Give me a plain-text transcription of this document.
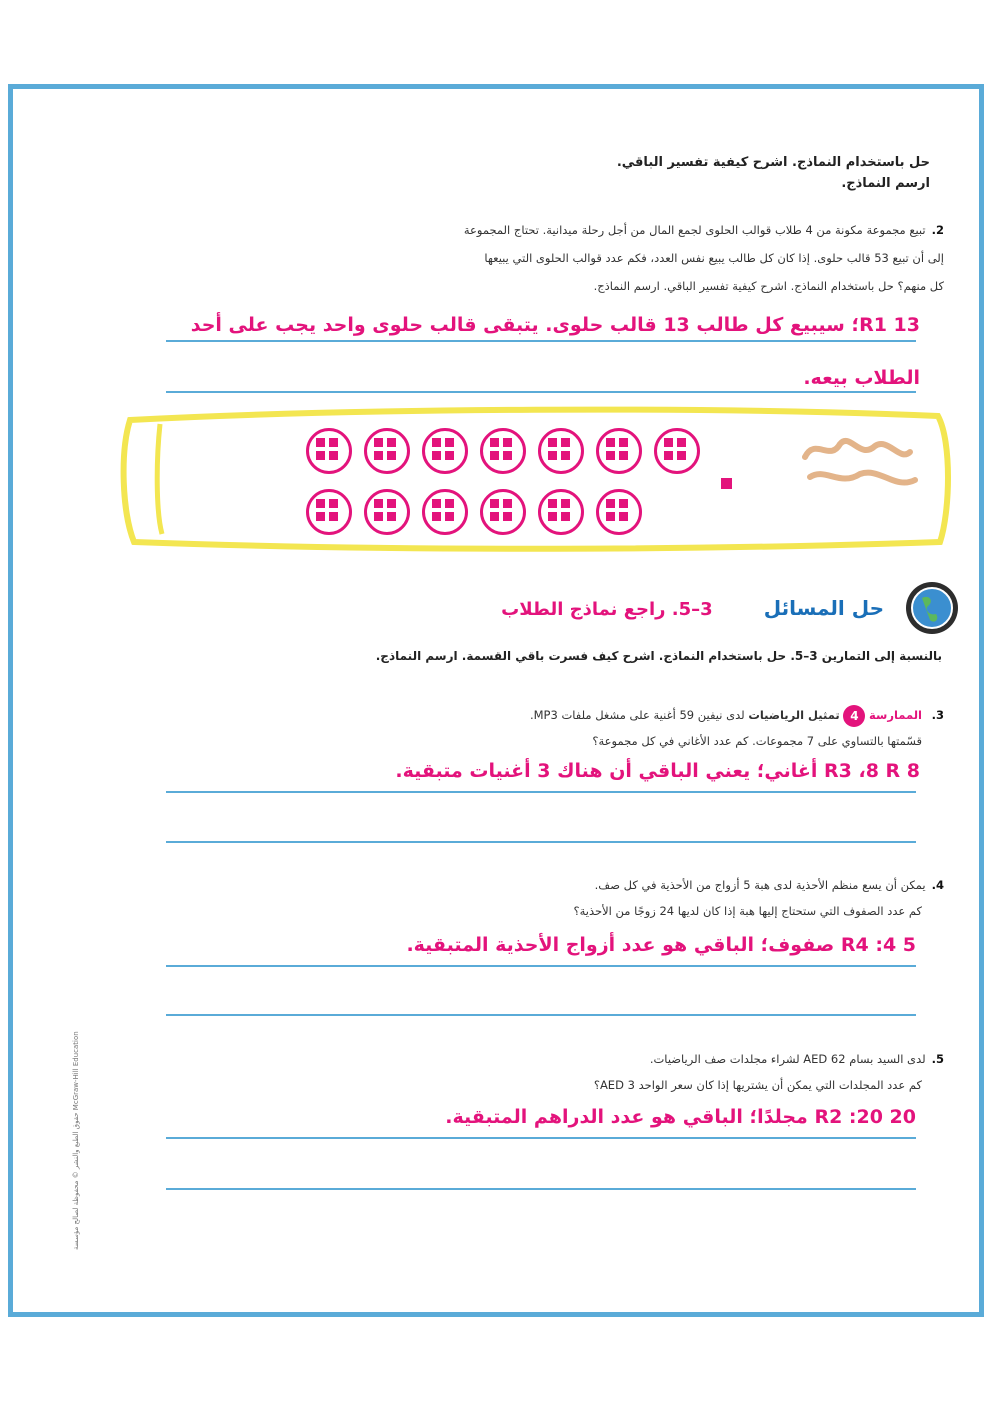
حل باستخدام النماذج. اشرح كيفية تفسير الباقي.
ارسم النماذج.
2.تبيع مجموعة مكونة من 4 طلاب قوالب الحلوى لجمع المال من أجل رحلة ميدانية. تحتاج المجموعة
إلى أن تبيع 53 قالب حلوى. إذا كان كل طالب يبيع نفس العدد، فكم عدد قوالب الحلوى التي يبيعها
كل منهم؟ حل باستخدام النماذج. اشرح كيفية تفسير الباقي. ارسم النماذج.
13 R1؛ سيبيع كل طالب 13 قالب حلوى. يتبقى قالب حلوى واحد يجب على أحد
الطلاب بيعه.
حل المسائل 3–5. راجع نماذج الطلاب
بالنسبة إلى التمارين 3–5. حل باستخدام النماذج. اشرح كيف فسرت باقي القسمة. ارسم النماذج.
3. الممارسة 4 تمثيل الرياضيات لدى نيفين 59 أغنية على مشغل ملفات MP3.
قسّمتها بالتساوي على 7 مجموعات. كم عدد الأغاني في كل مجموعة؟
R3 ،8 R 8 أغاني؛ يعني الباقي أن هناك 3 أغنيات متبقية.
4.يمكن أن يسع منظم الأحذية لدى هبة 5 أزواج من الأحذية في كل صف.
كم عدد الصفوف التي ستحتاج إليها هبة إذا كان لديها 24 زوجًا من الأحذية؟
R4 :4 5 صفوف؛ الباقي هو عدد أزواج الأحذية المتبقية.
5.لدى السيد بسام 62 AED لشراء مجلدات صف الرياضيات.
كم عدد المجلدات التي يمكن أن يشتريها إذا كان سعر الواحد 3 AED؟
R2 :20 20 مجلدًا؛ الباقي هو عدد الدراهم المتبقية.
حقوق الطبع والنشر © محفوظة لصالح مؤسسة McGraw-Hill Education
